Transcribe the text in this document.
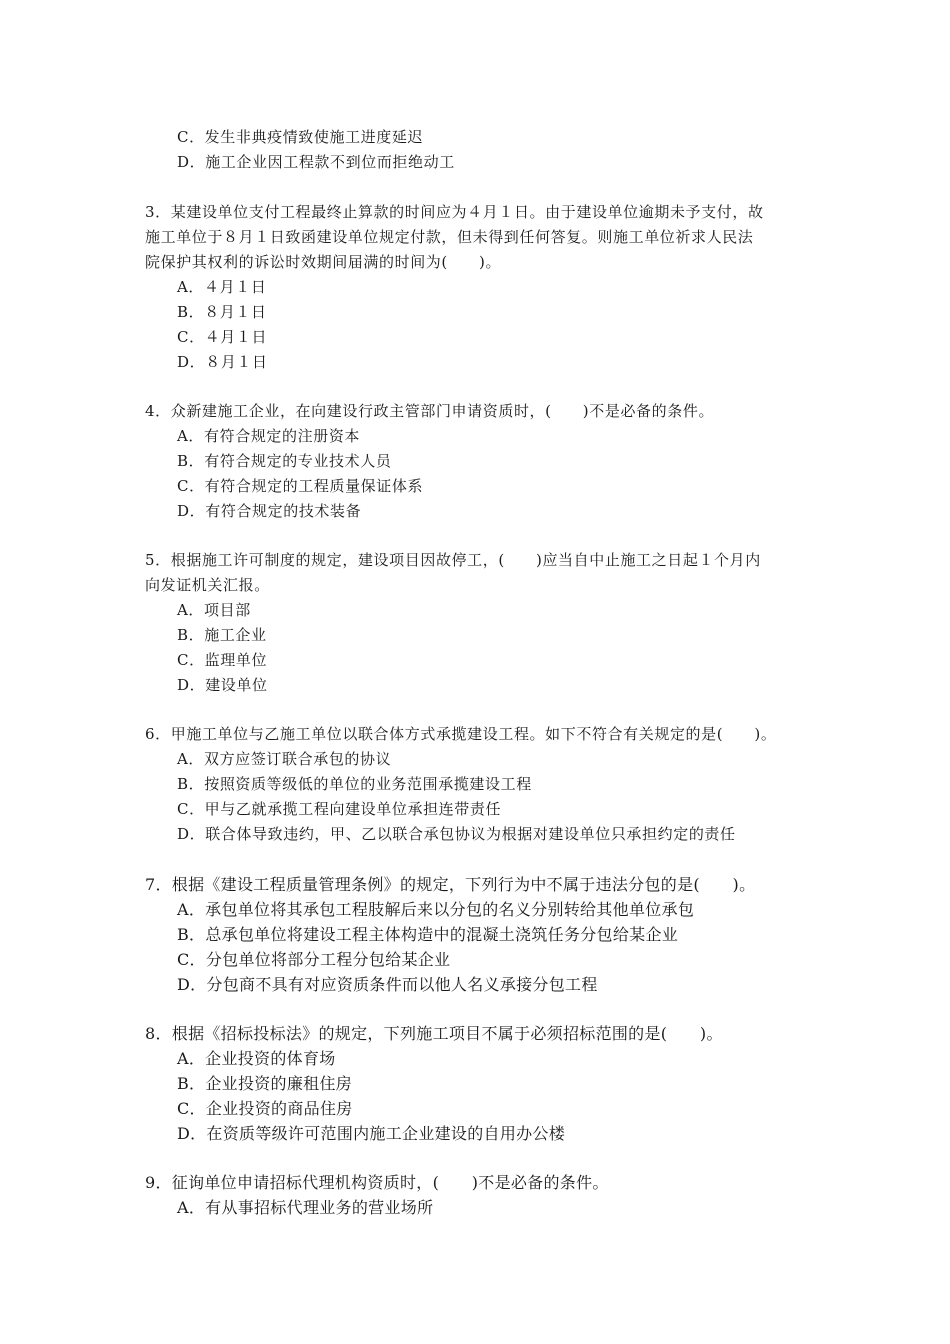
C．发生非典疫情致使施工进度延迟
D．施工企业因工程款不到位而拒绝动工
3．某建设单位支付工程最终止算款的时间应为４月１日。由于建设单位逾期未予支付，故
施工单位于８月１日致函建设单位规定付款，但未得到任何答复。则施工单位祈求人民法
院保护其权利的诉讼时效期间届满的时间为(　　)。
A．４月１日
B．８月１日
C．４月１日
D．８月１日
4．众新建施工企业，在向建设行政主管部门申请资质时，(　　)不是必备的条件。
A．有符合规定的注册资本
B．有符合规定的专业技术人员
C．有符合规定的工程质量保证体系
D．有符合规定的技术装备
5．根据施工许可制度的规定，建设项目因故停工，(　　)应当自中止施工之日起１个月内
向发证机关汇报。
A．项目部
B．施工企业
C．监理单位
D．建设单位
6．甲施工单位与乙施工单位以联合体方式承揽建设工程。如下不符合有关规定的是(　　)。
A．双方应签订联合承包的协议
B．按照资质等级低的单位的业务范围承揽建设工程
C．甲与乙就承揽工程向建设单位承担连带责任
D．联合体导致违约，甲、乙以联合承包协议为根据对建设单位只承担约定的责任
7．根据《建设工程质量管理条例》的规定，下列行为中不属于违法分包的是(　　)。
A．承包单位将其承包工程肢解后来以分包的名义分别转给其他单位承包
B．总承包单位将建设工程主体构造中的混凝土浇筑任务分包给某企业
C．分包单位将部分工程分包给某企业
D．分包商不具有对应资质条件而以他人名义承接分包工程
8．根据《招标投标法》的规定，下列施工项目不属于必须招标范围的是(　　)。
A．企业投资的体育场
B．企业投资的廉租住房
C．企业投资的商品住房
D．在资质等级许可范围内施工企业建设的自用办公楼
9．征询单位申请招标代理机构资质时，(　　)不是必备的条件。
A．有从事招标代理业务的营业场所
